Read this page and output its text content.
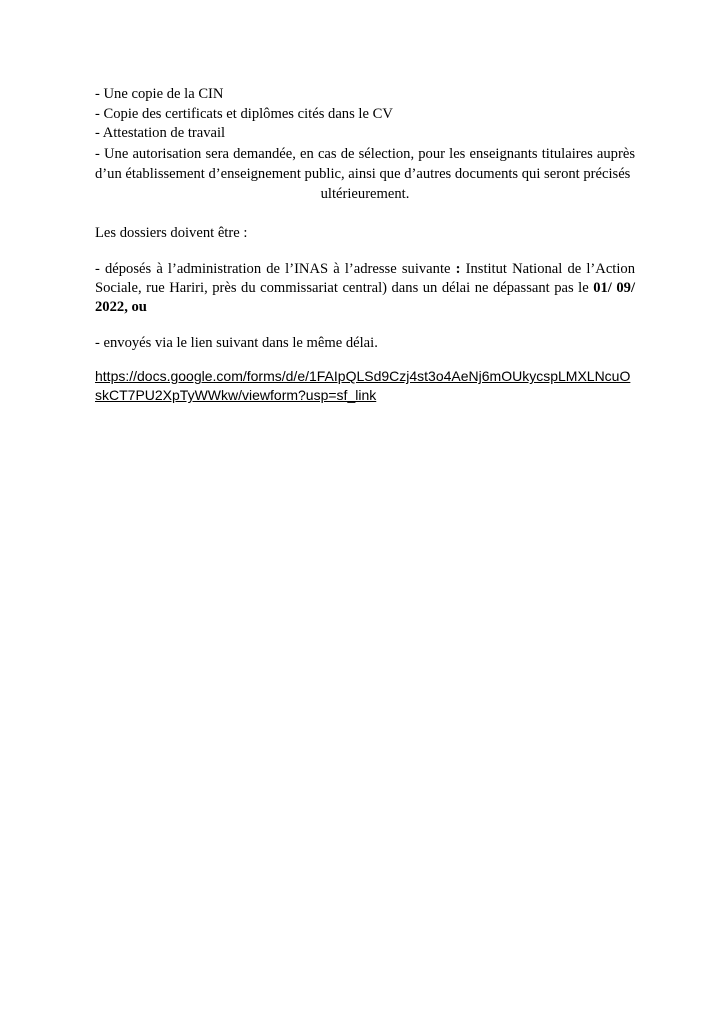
- Une copie de la CIN

- Copie des certificats et diplômes cités dans le CV

- Attestation de travail

- Une autorisation sera demandée, en cas de sélection, pour les enseignants titulaires auprès d’un établissement d’enseignement public, ainsi que d’autres documents qui seront précisés

ultérieurement.

Les dossiers doivent être :

- déposés à l’administration de l’INAS à l’adresse suivante : Institut National de l’Action Sociale, rue Hariri, près du commissariat central) dans un délai ne dépassant pas le 01/ 09/ 2022, ou

- envoyés via le lien suivant dans le même délai.

https://docs.google.com/forms/d/e/1FAIpQLSd9Czj4st3o4AeNj6mOUkycspLMXLNcuOskCT7PU2XpTyWWkw/viewform?usp=sf_link
